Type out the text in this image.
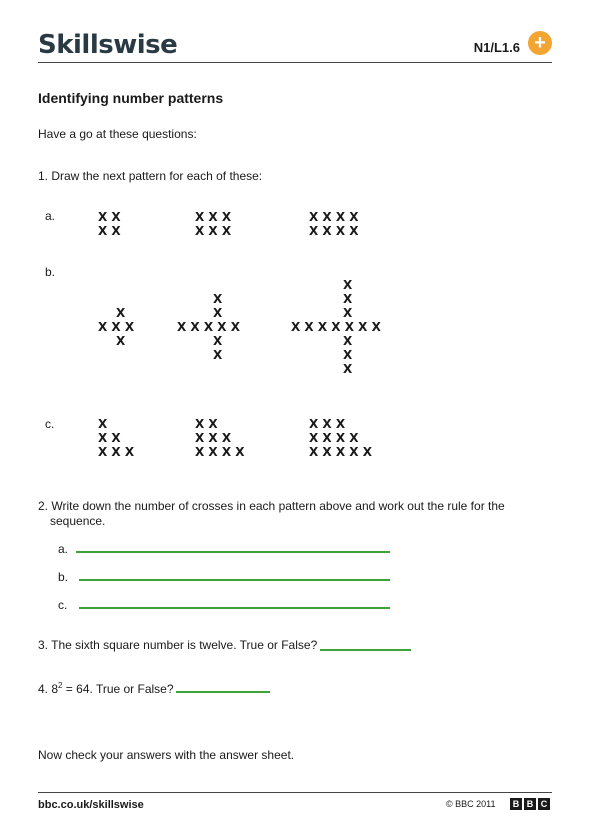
Skillswise	N1/L1.6 +
Identifying number patterns
Have a go at these questions:
1. Draw the next pattern for each of these:
a.
b.
c.
X X
X X
X X X
X X X
X X X X
X X X X
X
X X X
X
X
X
X X X X X
X
X
X
X
X
X X X X X X X
X
X
X
X
X X
X X X
X X
X X X
X X X X
X X X
X X X X
X X X X X
2. Write down the number of crosses in each pattern above and work out the rule for the
sequence.
a.
b.
c.
3. The sixth square number is twelve. True or False?
4. $8^2 = 64$. True or False?
Now check your answers with the answer sheet.
bbc.co.uk/skillswise	© BBC 2011	B B C
